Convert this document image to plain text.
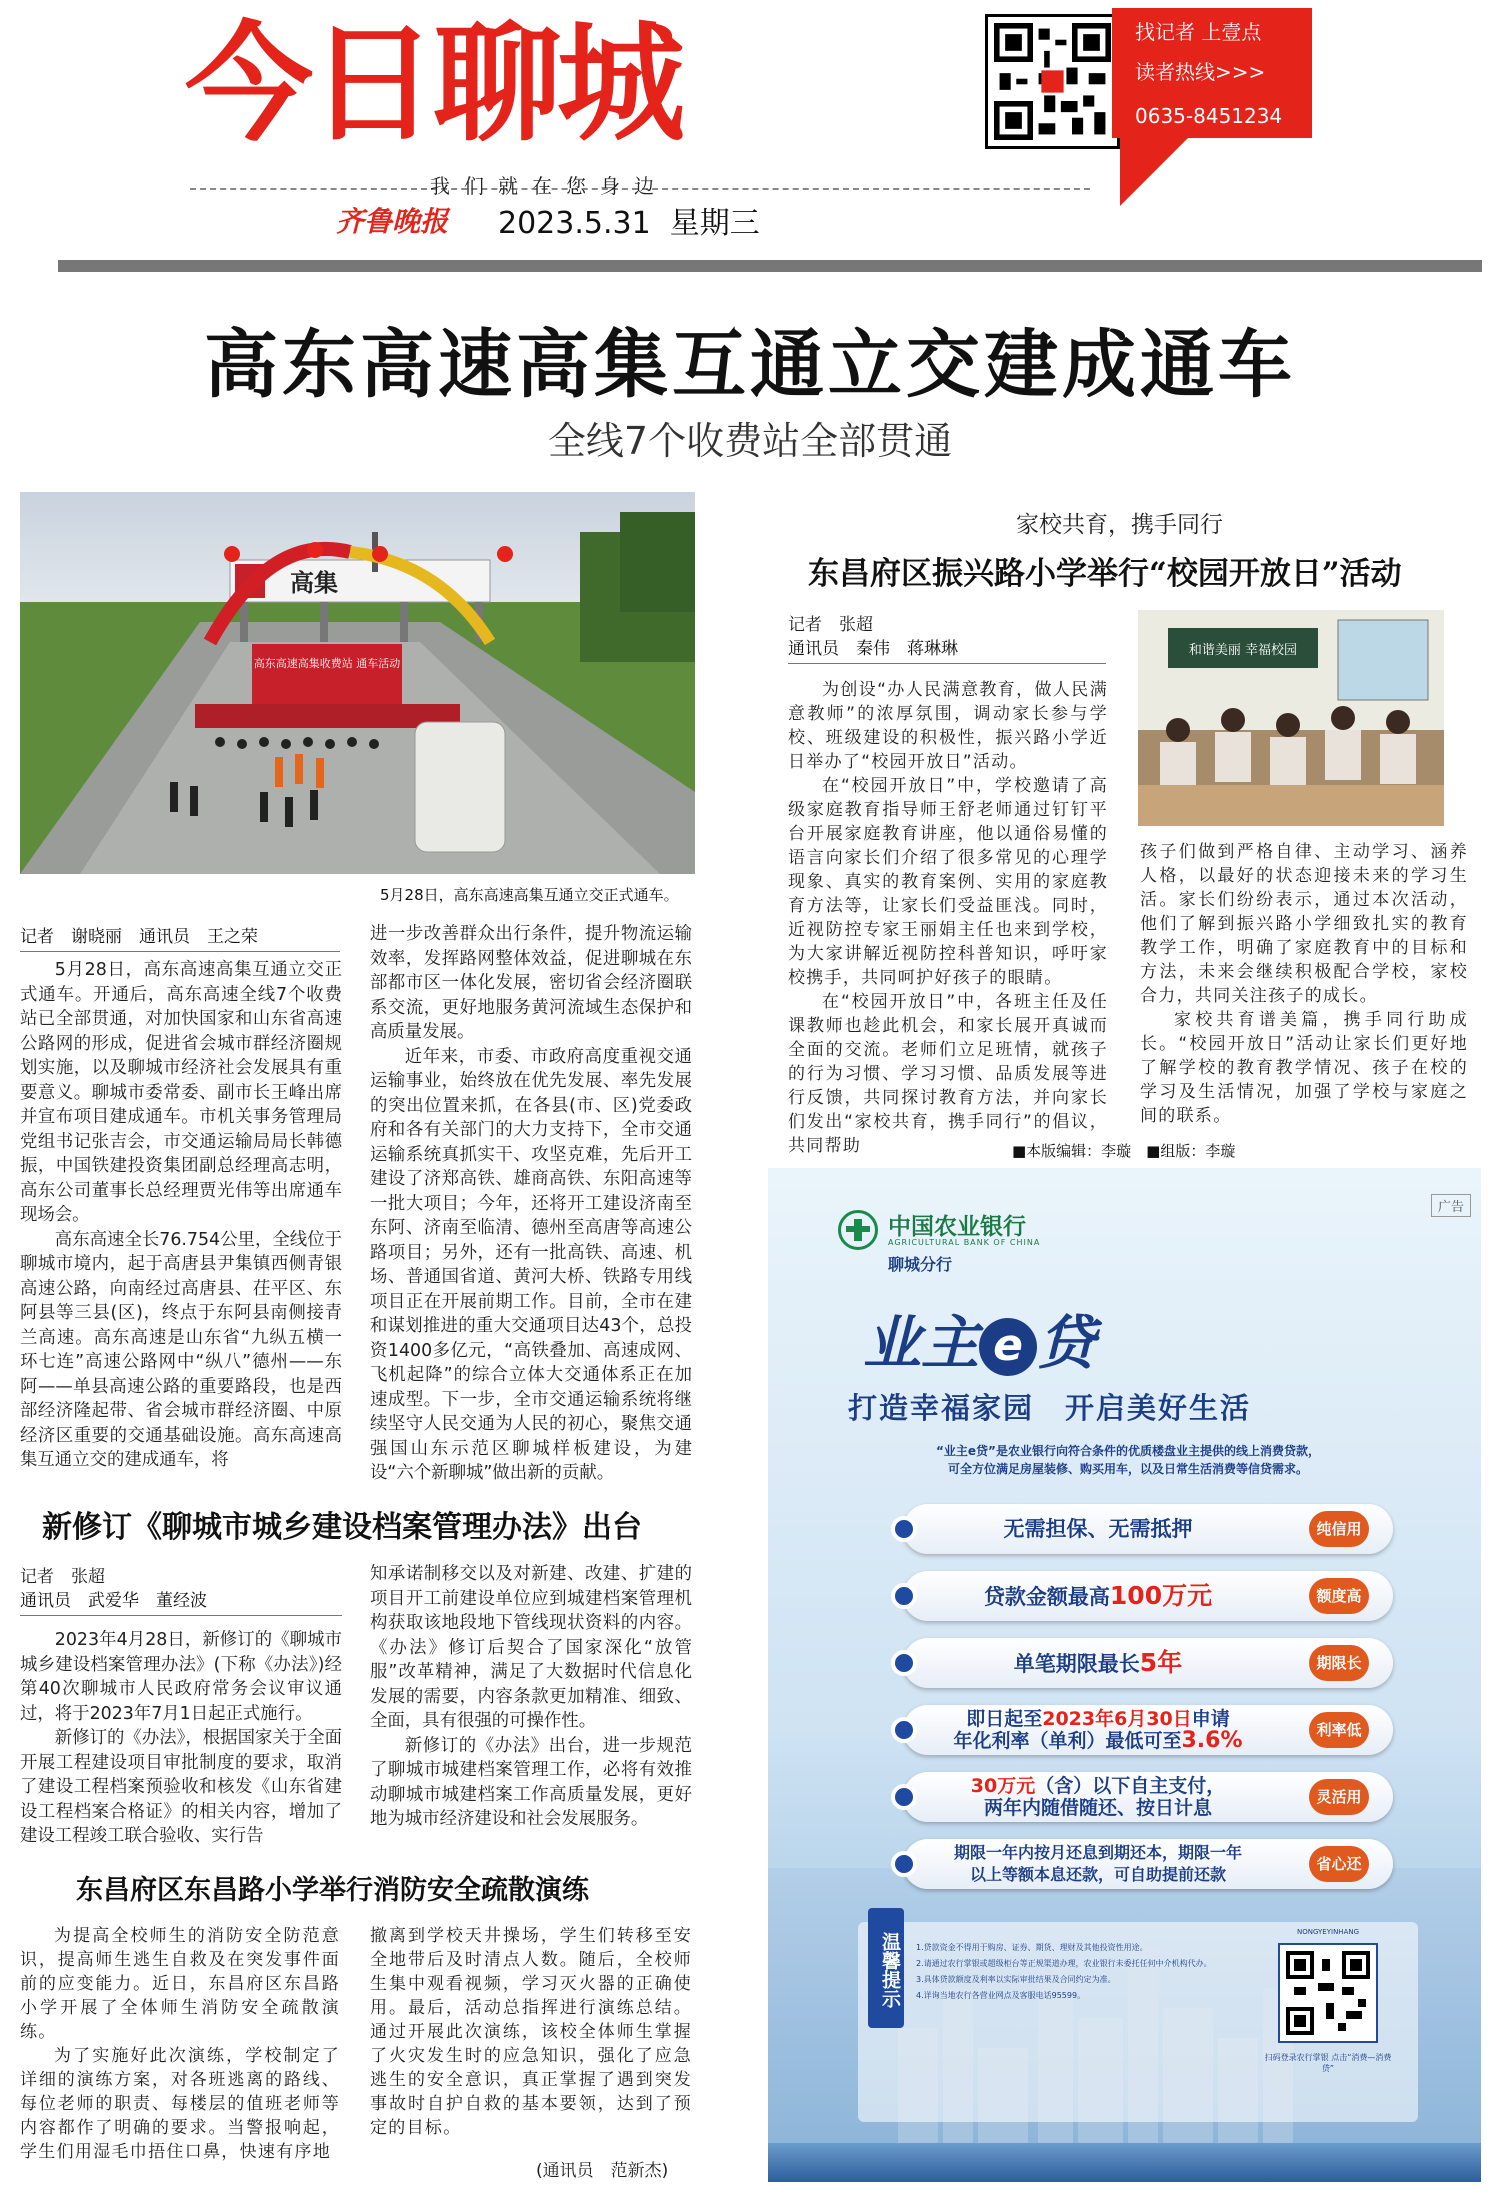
今日聊城	找记者 上壹点
读者热线>>>
0635-8451234
我们就在您身边
齐鲁晚报 2023.5.31 星期三
高东高速高集互通立交建成通车
全线7个收费站全部贯通
高集
高东高速高集收费站 通车活动
5月28日，高东高速高集互通立交正式通车。
记者　谢晓丽　通讯员　王之荣

5月28日，高东高速高集互通立交正式通车。开通后，高东高速全线7个收费站已全部贯通，对加快国家和山东省高速公路网的形成，促进省会城市群经济圈规划实施，以及聊城市经济社会发展具有重要意义。聊城市委常委、副市长王峰出席并宣布项目建成通车。市机关事务管理局党组书记张吉会，市交通运输局局长韩德振，中国铁建投资集团副总经理高志明，高东公司董事长总经理贾光伟等出席通车现场会。

高东高速全长76.754公里，全线位于聊城市境内，起于高唐县尹集镇西侧青银高速公路，向南经过高唐县、茌平区、东阿县等三县(区)，终点于东阿县南侧接青兰高速。高东高速是山东省“九纵五横一环七连”高速公路网中“纵八”德州——东阿——单县高速公路的重要路段，也是西部经济隆起带、省会城市群经济圈、中原经济区重要的交通基础设施。高东高速高集互通立交的建成通车，将

进一步改善群众出行条件，提升物流运输效率，发挥路网整体效益，促进聊城在东部都市区一体化发展，密切省会经济圈联系交流，更好地服务黄河流域生态保护和高质量发展。

近年来，市委、市政府高度重视交通运输事业，始终放在优先发展、率先发展的突出位置来抓，在各县(市、区)党委政府和各有关部门的大力支持下，全市交通运输系统真抓实干、攻坚克难，先后开工建设了济郑高铁、雄商高铁、东阳高速等一批大项目；今年，还将开工建设济南至东阿、济南至临清、德州至高唐等高速公路项目；另外，还有一批高铁、高速、机场、普通国省道、黄河大桥、铁路专用线项目正在开展前期工作。目前，全市在建和谋划推进的重大交通项目达43个，总投资1400多亿元，“高铁叠加、高速成网、飞机起降”的综合立体大交通体系正在加速成型。下一步，全市交通运输系统将继续坚守人民交通为人民的初心，聚焦交通强国山东示范区聊城样板建设，为建设“六个新聊城”做出新的贡献。

家校共育，携手同行
东昌府区振兴路小学举行“校园开放日”活动
记者　张超
通讯员　秦伟　蒋琳琳

为创设“办人民满意教育，做人民满意教师”的浓厚氛围，调动家长参与学校、班级建设的积极性，振兴路小学近日举办了“校园开放日”活动。

在“校园开放日”中，学校邀请了高级家庭教育指导师王舒老师通过钉钉平台开展家庭教育讲座，他以通俗易懂的语言向家长们介绍了很多常见的心理学现象、真实的教育案例、实用的家庭教育方法等，让家长们受益匪浅。同时，近视防控专家王丽娟主任也来到学校，为大家讲解近视防控科普知识，呼吁家校携手，共同呵护好孩子的眼睛。

在“校园开放日”中，各班主任及任课教师也趁此机会，和家长展开真诚而全面的交流。老师们立足班情，就孩子的行为习惯、学习习惯、品质发展等进行反馈，共同探讨教育方法，并向家长们发出“家校共育，携手同行”的倡议，共同帮助

和谐美丽 幸福校园

孩子们做到严格自律、主动学习、涵养人格，以最好的状态迎接未来的学习生活。家长们纷纷表示，通过本次活动，他们了解到振兴路小学细致扎实的教育教学工作，明确了家庭教育中的目标和方法，未来会继续积极配合学校，家校合力，共同关注孩子的成长。

家校共育谱美篇，携手同行助成长。“校园开放日”活动让家长们更好地了解学校的教育教学情况、孩子在校的学习及生活情况，加强了学校与家庭之间的联系。

■本版编辑：李璇　■组版：李璇
新修订《聊城市城乡建设档案管理办法》出台
记者　张超
通讯员　武爱华　董经波

2023年4月28日，新修订的《聊城市城乡建设档案管理办法》(下称《办法》)经第40次聊城市人民政府常务会议审议通过，将于2023年7月1日起正式施行。

新修订的《办法》，根据国家关于全面开展工程建设项目审批制度的要求，取消了建设工程档案预验收和核发《山东省建设工程档案合格证》的相关内容，增加了建设工程竣工联合验收、实行告

知承诺制移交以及对新建、改建、扩建的项目开工前建设单位应到城建档案管理机构获取该地段地下管线现状资料的内容。《办法》修订后契合了国家深化“放管服”改革精神，满足了大数据时代信息化发展的需要，内容条款更加精准、细致、全面，具有很强的可操作性。

新修订的《办法》出台，进一步规范了聊城市城建档案管理工作，必将有效推动聊城市城建档案工作高质量发展，更好地为城市经济建设和社会发展服务。

东昌府区东昌路小学举行消防安全疏散演练

为提高全校师生的消防安全防范意识，提高师生逃生自救及在突发事件面前的应变能力。近日，东昌府区东昌路小学开展了全体师生消防安全疏散演练。

为了实施好此次演练，学校制定了详细的演练方案，对各班逃离的路线、每位老师的职责、每楼层的值班老师等内容都作了明确的要求。当警报响起，学生们用湿毛巾捂住口鼻，快速有序地

撤离到学校天井操场，学生们转移至安全地带后及时清点人数。随后，全校师生集中观看视频，学习灭火器的正确使用。最后，活动总指挥进行演练总结。通过开展此次演练，该校全体师生掌握了火灾发生时的应急知识，强化了应急逃生的安全意识，真正掌握了遇到突发事故时自护自救的基本要领，达到了预定的目标。

(通讯员　范新杰)
广告
中国农业银行
AGRICULTURAL BANK OF CHINA
聊城分行
业主 e 贷
打造幸福家园　开启美好生活
“业主e贷”是农业银行向符合条件的优质楼盘业主提供的线上消费贷款，
可全方位满足房屋装修、购买用车，以及日常生活消费等信贷需求。
无需担保、无需抵押	纯信用
贷款金额最高100万元	额度高
单笔期限最长5年	期限长
即日起至2023年6月30日申请
年化利率（单利）最低可至3.6%	利率低
30万元（含）以下自主支付，
两年内随借随还、按日计息	灵活用
期限一年内按月还息到期还本，期限一年
以上等额本息还款，可自助提前还款
省心还
温馨提示	1.贷款资金不得用于购房、证券、期货、理财及其他投资性用途。
2.请通过农行掌银或超级柜台等正规渠道办理，农业银行未委托任何中介机构代办。
3.具体贷款额度及利率以实际审批结果及合同约定为准。
4.详询当地农行各营业网点及客服电话95599。
NONGYEYINHANG
扫码登录农行掌银 点击“消费—消费贷”
